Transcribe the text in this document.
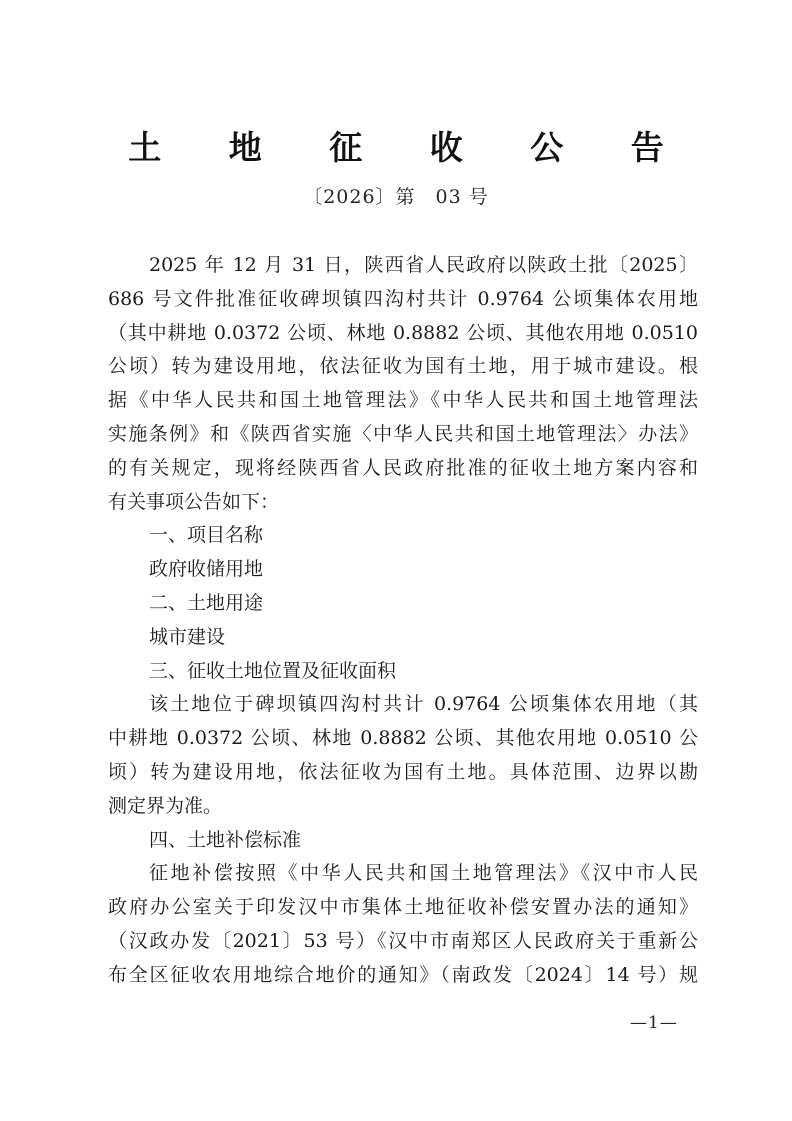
土 地 征 收 公 告
〔2026〕第　03 号
2025 年 12 月 31 日，陕西省人民政府以陕政土批〔2025〕
686 号文件批准征收碑坝镇四沟村共计 0.9764 公顷集体农用地
（其中耕地 0.0372 公顷、林地 0.8882 公顷、其他农用地 0.0510
公顷）转为建设用地，依法征收为国有土地，用于城市建设。根
据《中华人民共和国土地管理法》《中华人民共和国土地管理法
实施条例》和《陕西省实施〈中华人民共和国土地管理法〉办法》
的有关规定，现将经陕西省人民政府批准的征收土地方案内容和
有关事项公告如下：
一、项目名称
政府收储用地
二、土地用途
城市建设
三、征收土地位置及征收面积
该土地位于碑坝镇四沟村共计 0.9764 公顷集体农用地（其
中耕地 0.0372 公顷、林地 0.8882 公顷、其他农用地 0.0510 公
顷）转为建设用地，依法征收为国有土地。具体范围、边界以勘
测定界为准。
四、土地补偿标准
征地补偿按照《中华人民共和国土地管理法》《汉中市人民
政府办公室关于印发汉中市集体土地征收补偿安置办法的通知》
（汉政办发〔2021〕53 号）《汉中市南郑区人民政府关于重新公
布全区征收农用地综合地价的通知》（南政发〔2024〕14 号）规
—1—
